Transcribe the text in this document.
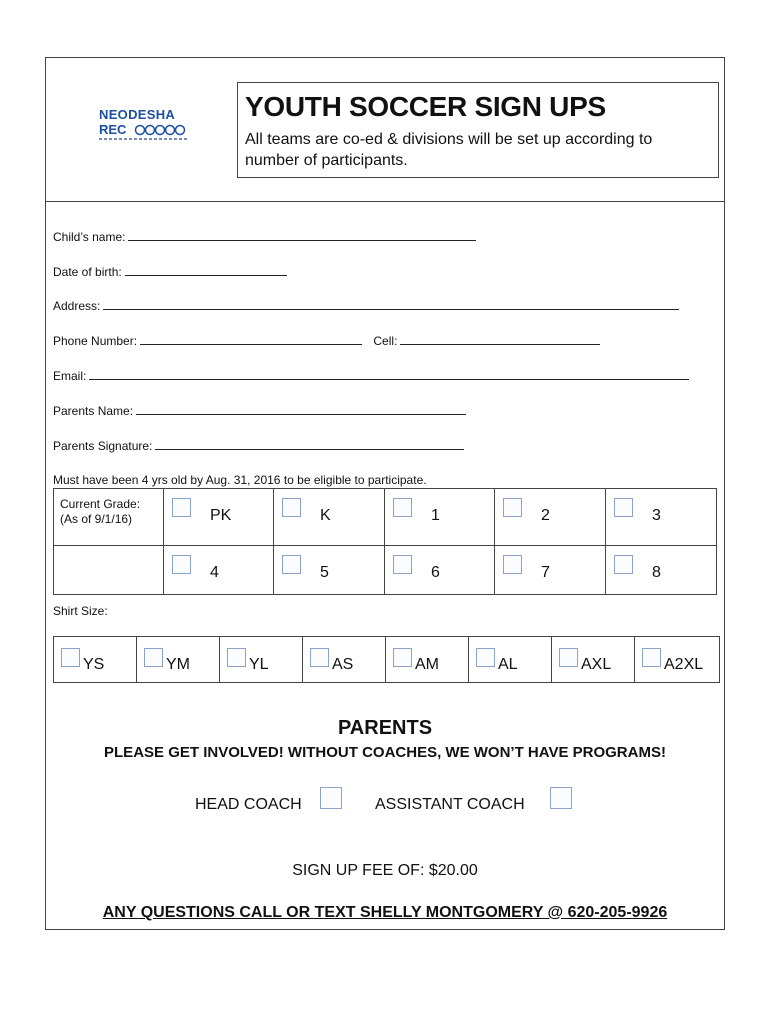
NEODESHA
REC
YOUTH SOCCER SIGN UPS
All teams are co-ed & divisions will be set up according to number of participants.
Child’s name:
Date of birth:
Address:
Phone Number:	Cell:
Email:
Parents Name:
Parents Signature:
Must have been 4 yrs old by Aug. 31, 2016 to be eligible to participate.
Current Grade:
(As of 9/1/16)	PK	K	1	2	3

	4	5	6	7	8
Shirt Size:
YS	YM	YL	AS	AM	AL	AXL	A2XL
PARENTS
PLEASE GET INVOLVED! WITHOUT COACHES, WE WON’T HAVE PROGRAMS!
HEAD COACH	ASSISTANT COACH
SIGN UP FEE OF: $20.00
ANY QUESTIONS CALL OR TEXT SHELLY MONTGOMERY @ 620-205-9926
